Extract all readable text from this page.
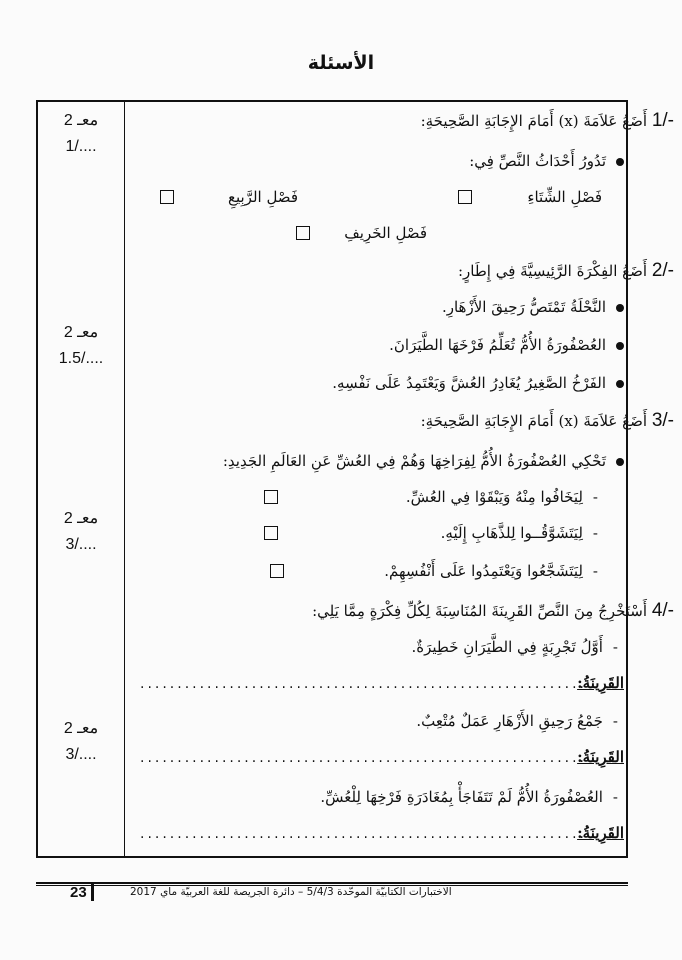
الأسئلة
2 معـ
1/....
2 معـ
1.5/....
2 معـ
3/....
2 معـ
3/....
1/- أَضَعُ عَلاَمَةَ (x) أَمَامَ الإِجَابَةِ الصَّحِيحَةِ:
تَدُورُ أَحْدَاثُ النَّصِّ فِي:
فَصْلِ الشِّتَاءِ
فَصْلِ الرَّبِيعِ
فَصْلِ الخَرِيفِ
2/- أَضَعُ الفِكْرَةَ الرَّئِيسِيَّةَ فِي إِطَارٍ:
النَّحْلَةُ تَمْتَصُّ رَحِيقَ الأَزْهَارِ.
العُصْفُورَةُ الأُمُّ تُعَلِّمُ فَرْخَهَا الطَّيَرَانَ.
الفَرْخُ الصَّغِيرُ يُغَادِرُ العُشَّ وَيَعْتَمِدُ عَلَى نَفْسِهِ.
3/- أَضَعُ عَلاَمَةَ (x) أَمَامَ الإِجَابَةِ الصَّحِيحَةِ:
تَحْكِي العُصْفُورَةُ الأُمُّ لِفِرَاخِهَا وَهُمْ فِي العُشِّ عَنِ العَالَمِ الجَدِيدِ:
-لِيَخَافُوا مِنْهُ وَيَبْقَوْا فِي العُشِّ.
-لِيَتَشَوَّقُــوا لِلذَّهَابِ إِلَيْهِ.
-لِيَتَشَجَّعُوا وَيَعْتَمِدُوا عَلَى أَنْفُسِهِمْ.
4/- أَسْتَخْرِجُ مِنَ النَّصِّ القَرِينَةَ المُنَاسِبَةَ لِكُلِّ فِكْرَةٍ مِمَّا يَلِي:
-أَوَّلُ تَجْرِبَةٍ فِي الطَّيَرَانِ خَطِيرَةٌ.
القَرِينَةُ:
............................................................
-جَمْعُ رَحِيقِ الأَزْهَارِ عَمَلٌ مُتْعِبٌ.
القَرِينَةُ:
............................................................
-العُصْفُورَةُ الأُمُّ لَمْ تَتَفَاجَأْ بِمُغَادَرَةِ فَرْخِهَا لِلْعُشِّ.
القَرِينَةُ:
............................................................
23	الاختبارات الكتابيّة الموحّدة 5/4/3 – دائرة الجريصة للغة العربيّة ماي 2017
